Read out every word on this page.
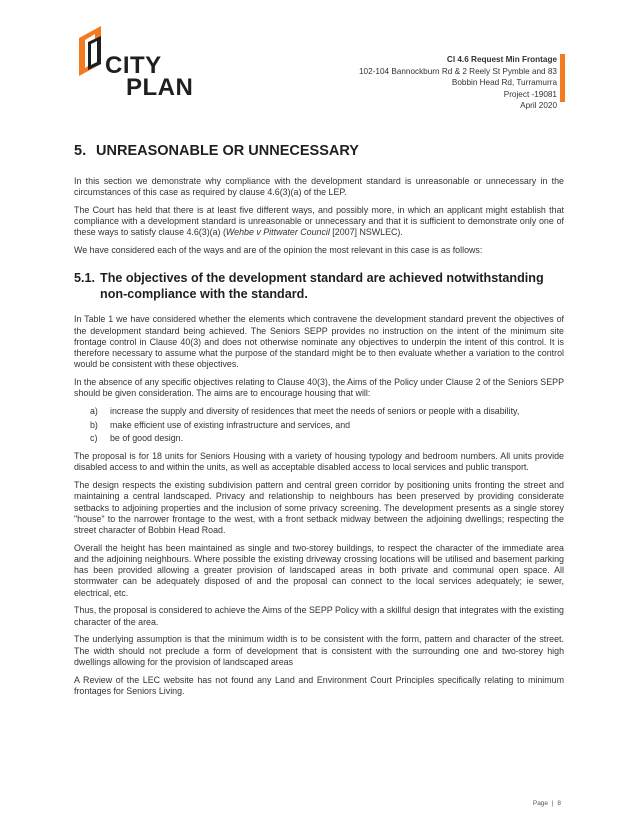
CITY
PLAN
Cl 4.6 Request Min Frontage
102-104 Bannockburn Rd & 2 Reely St Pymble and 83
Bobbin Head Rd, Turramurra
Project -19081
April 2020
5. UNREASONABLE OR UNNECESSARY

In this section we demonstrate why compliance with the development standard is unreasonable or unnecessary in the circumstances of this case as required by clause 4.6(3)(a) of the LEP.

The Court has held that there is at least five different ways, and possibly more, in which an applicant might establish that compliance with a development standard is unreasonable or unnecessary and that it is sufficient to demonstrate only one of these ways to satisfy clause 4.6(3)(a) (Wehbe v Pittwater Council [2007] NSWLEC).

We have considered each of the ways and are of the opinion the most relevant in this case is as follows:

5.1. The objectives of the development standard are achieved notwithstanding non-compliance with the standard.

In Table 1 we have considered whether the elements which contravene the development standard prevent the objectives of the development standard being achieved. The Seniors SEPP provides no instruction on the intent of the minimum site frontage control in Clause 40(3) and does not otherwise nominate any objectives to underpin the intent of this control. It is therefore necessary to assume what the purpose of the standard might be to then evaluate whether a variation to the control would be consistent with these objectives.

In the absence of any specific objectives relating to Clause 40(3), the Aims of the Policy under Clause 2 of the Seniors SEPP should be given consideration. The aims are to encourage housing that will:

a)	increase the supply and diversity of residences that meet the needs of seniors or people with a disability,
b)	make efficient use of existing infrastructure and services, and
c)	be of good design.

The proposal is for 18 units for Seniors Housing with a variety of housing typology and bedroom numbers. All units provide disabled access to and within the units, as well as acceptable disabled access to local services and public transport.

The design respects the existing subdivision pattern and central green corridor by positioning units fronting the street and maintaining a central landscaped. Privacy and relationship to neighbours has been preserved by providing considerate setbacks to adjoining properties and the inclusion of some privacy screening. The development presents as a single storey "house" to the narrower frontage to the west, with a front setback midway between the adjoining dwellings; respecting the street character of Bobbin Head Road.

Overall the height has been maintained as single and two-storey buildings, to respect the character of the immediate area and the adjoining neighbours. Where possible the existing driveway crossing locations will be utilised and basement parking has been provided allowing a greater provision of landscaped areas in both private and communal open space. All stormwater can be adequately disposed of and the proposal can connect to the local services adequately; ie sewer, electrical, etc.

Thus, the proposal is considered to achieve the Aims of the SEPP Policy with a skillful design that integrates with the existing character of the area.

The underlying assumption is that the minimum width is to be consistent with the form, pattern and character of the street. The width should not preclude a form of development that is consistent with the surrounding one and two-storey high dwellings allowing for the provision of landscaped areas

A Review of the LEC website has not found any Land and Environment Court Principles specifically relating to minimum frontages for Seniors Living.

Page | 8
